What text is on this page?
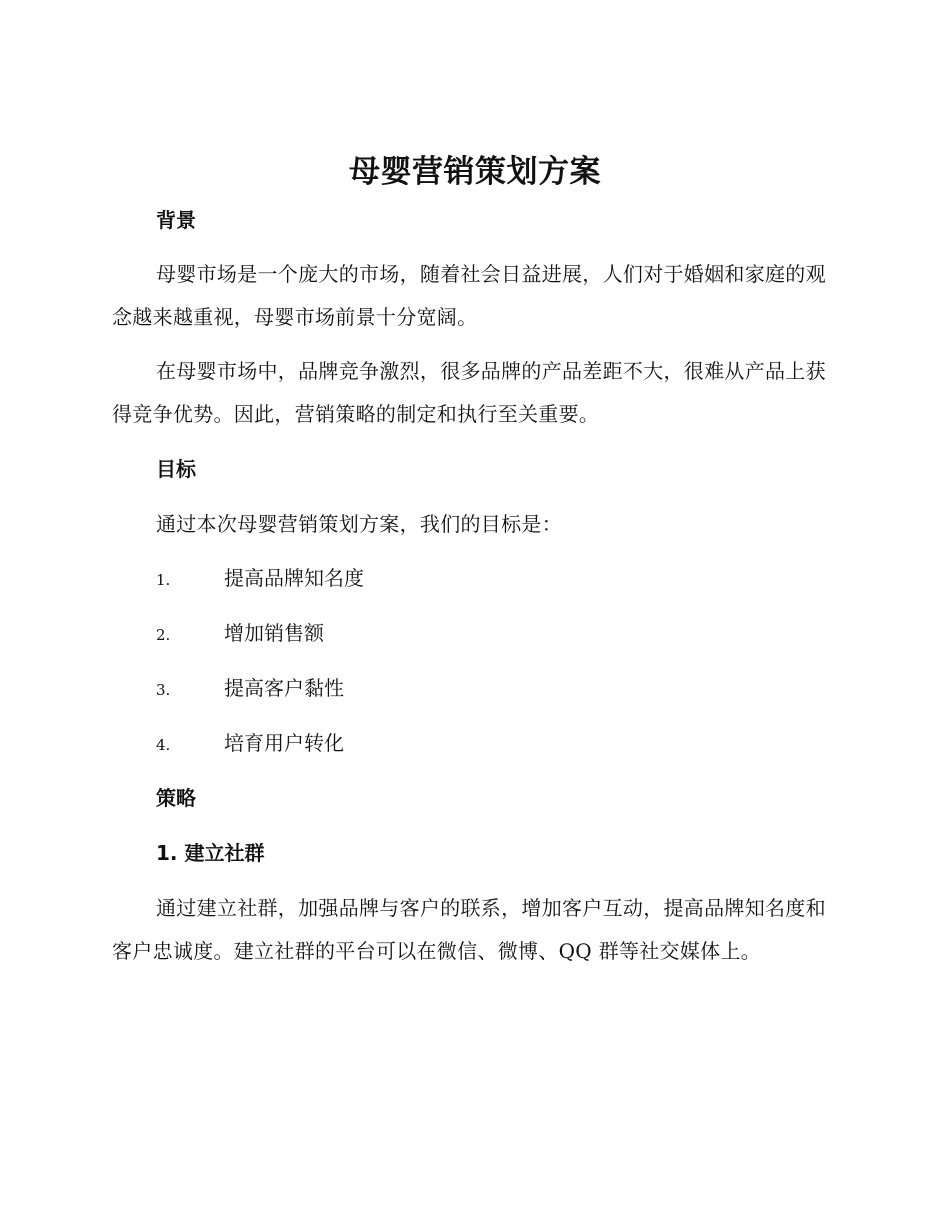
母婴营销策划方案
背景

母婴市场是一个庞大的市场，随着社会日益进展，人们对于婚姻和家庭的观念越来越重视，母婴市场前景十分宽阔。

在母婴市场中，品牌竞争激烈，很多品牌的产品差距不大，很难从产品上获得竞争优势。因此，营销策略的制定和执行至关重要。

目标

通过本次母婴营销策划方案，我们的目标是：

1.	提高品牌知名度
2.	增加销售额
3.	提高客户黏性
4.	培育用户转化
策略
1. 建立社群

通过建立社群，加强品牌与客户的联系，增加客户互动，提高品牌知名度和客户忠诚度。建立社群的平台可以在微信、微博、QQ 群等社交媒体上。
